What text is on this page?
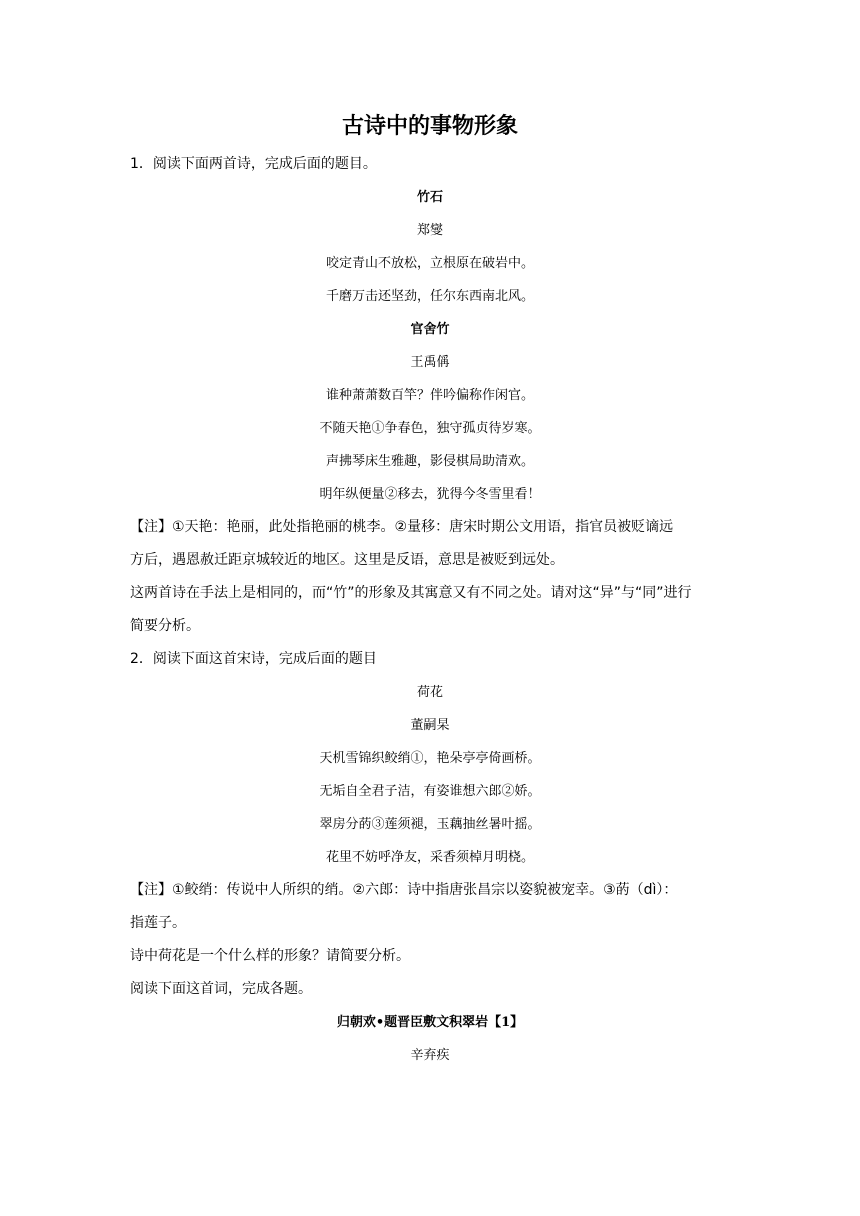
古诗中的事物形象

1．阅读下面两首诗，完成后面的题目。

竹石

郑燮

咬定青山不放松，立根原在破岩中。

千磨万击还坚劲，任尔东西南北风。

官舍竹

王禹偁

谁种萧萧数百竿？伴吟偏称作闲官。

不随天艳①争春色，独守孤贞待岁寒。

声拂琴床生雅趣，影侵棋局助清欢。

明年纵便量②移去，犹得今冬雪里看！

【注】①天艳：艳丽，此处指艳丽的桃李。②量移：唐宋时期公文用语，指官员被贬谪远

方后，遇恩赦迁距京城较近的地区。这里是反语，意思是被贬到远处。

这两首诗在手法上是相同的，而“竹”的形象及其寓意又有不同之处。请对这“异”与“同”进行

简要分析。

2．阅读下面这首宋诗，完成后面的题目

荷花

董嗣杲

天机雪锦织鲛绡①，艳朵亭亭倚画桥。

无垢自全君子洁，有姿谁想六郎②娇。

翠房分菂③莲须褪，玉藕抽丝暑叶摇。

花里不妨呼净友，采香须棹月明桡。

【注】①鲛绡：传说中人所织的绡。②六郎：诗中指唐张昌宗以姿貌被宠幸。③菂（dì）：

指莲子。

诗中荷花是一个什么样的形象？请简要分析。

阅读下面这首词，完成各题。

归朝欢•题晋臣敷文积翠岩【1】

辛弃疾
